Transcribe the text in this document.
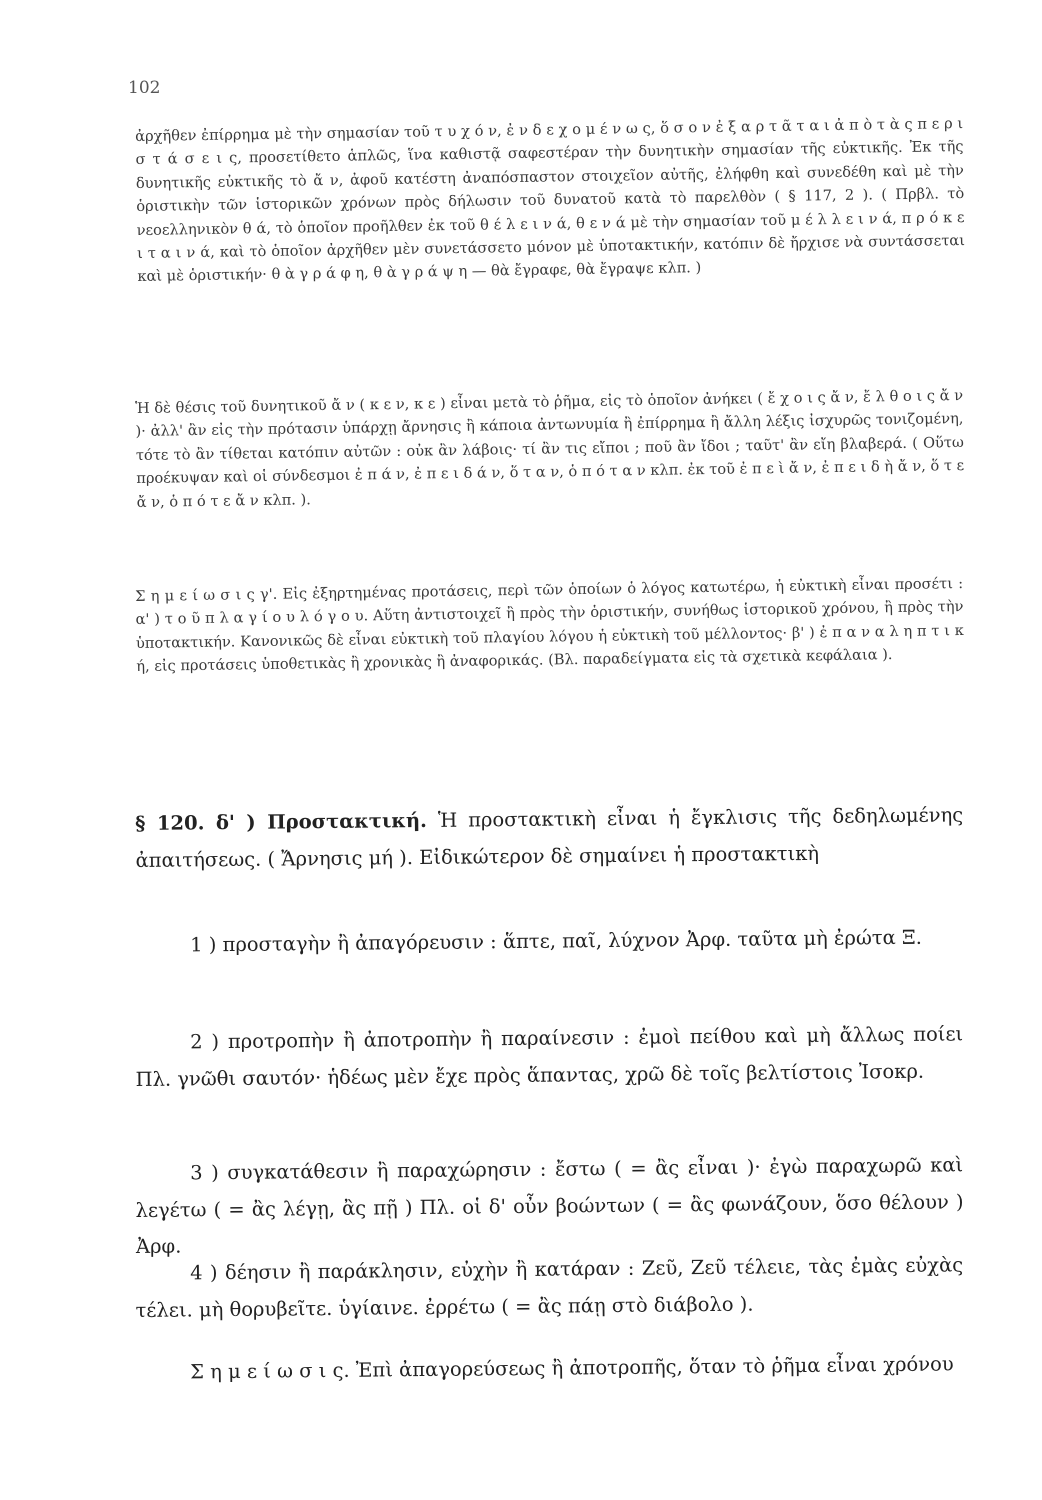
102

ἀρχῆθεν ἐπίρρημα μὲ τὴν σημασίαν τοῦ τ υ χ ό ν, ἐ ν δ ε χ ο μ έ ν ω ς, ὅ σ ο ν ἐ ξ α ρ τ ᾶ τ α ι ἀ π ὸ τ ὰ ς π ε ρ ι σ τ ά σ ε ι ς, προσετίθετο ἁπλῶς, ἵνα καθιστᾷ σαφεστέραν τὴν δυνητικὴν σημασίαν τῆς εὐκτικῆς. Ἐκ τῆς δυνητικῆς εὐκτικῆς τὸ ἄ ν, ἀφοῦ κατέστη ἀναπόσπαστον στοιχεῖον αὐτῆς, ἐλήφθη καὶ συνεδέθη καὶ μὲ τὴν ὁριστικὴν τῶν ἱστορικῶν χρόνων πρὸς δήλωσιν τοῦ δυνατοῦ κατὰ τὸ παρελθὸν ( § 117, 2 ). ( Πρβλ. τὸ νεοελληνικὸν θ ά, τὸ ὁποῖον προῆλθεν ἐκ τοῦ θ έ λ ε ι ν ά, θ ε ν ά μὲ τὴν σημασίαν τοῦ μ έ λ λ ε ι ν ά, π ρ ό κ ε ι τ α ι ν ά, καὶ τὸ ὁποῖον ἀρχῆθεν μὲν συνετάσσετο μόνον μὲ ὑποτακτικήν, κατόπιν δὲ ἤρχισε νὰ συντάσσεται καὶ μὲ ὁριστικήν· θ ὰ γ ρ ά φ η, θ ὰ γ ρ ά ψ η — θὰ ἔγραφε, θὰ ἔγραψε κλπ. )

Ἡ δὲ θέσις τοῦ δυνητικοῦ ἄ ν ( κ ε ν, κ ε ) εἶναι μετὰ τὸ ῥῆμα, εἰς τὸ ὁποῖον ἀνήκει ( ἔ χ ο ι ς ἄ ν, ἔ λ θ ο ι ς ἄ ν )· ἀλλ' ἂν εἰς τὴν πρότασιν ὑπάρχῃ ἄρνησις ἢ κάποια ἀντωνυμία ἢ ἐπίρρημα ἢ ἄλλη λέξις ἰσχυρῶς τονιζομένη, τότε τὸ ἂν τίθεται κατόπιν αὐτῶν : οὐκ ἂν λάβοις· τί ἂν τις εἴποι ; ποῦ ἂν ἴδοι ; ταῦτ' ἂν εἴη βλαβερά. ( Οὕτω προέκυψαν καὶ οἱ σύνδεσμοι ἐ π ά ν, ἐ π ε ι δ ά ν, ὅ τ α ν, ὁ π ό τ α ν κλπ. ἐκ τοῦ ἐ π ε ὶ ἄ ν, ἐ π ε ι δ ὴ ἄ ν, ὅ τ ε ἄ ν, ὁ π ό τ ε ἄ ν κλπ. ).

Σ η μ ε ί ω σ ι ς γ'. Εἰς ἐξηρτημένας προτάσεις, περὶ τῶν ὁποίων ὁ λόγος κατωτέρω, ἡ εὐκτικὴ εἶναι προσέτι : α' ) τ ο ῦ π λ α γ ί ο υ λ ό γ ο υ. Αὕτη ἀντιστοιχεῖ ἢ πρὸς τὴν ὁριστικήν, συνήθως ἱστορικοῦ χρόνου, ἢ πρὸς τὴν ὑποτακτικήν. Κανονικῶς δὲ εἶναι εὐκτικὴ τοῦ πλαγίου λόγου ἡ εὐκτικὴ τοῦ μέλλοντος· β' ) ἐ π α ν α λ η π τ ι κ ή, εἰς προτάσεις ὑποθετικὰς ἢ χρονικὰς ἢ ἀναφορικάς. (Βλ. παραδείγματα εἰς τὰ σχετικὰ κεφάλαια ).

§ 120. δ' ) Προστακτική. Ἡ προστακτικὴ εἶναι ἡ ἔγκλισις τῆς δεδηλωμένης ἀπαιτήσεως. ( Ἄρνησις μή ). Εἰδικώτερον δὲ σημαίνει ἡ προστακτικὴ

1 ) προσταγὴν ἢ ἀπαγόρευσιν : ἅπτε, παῖ, λύχνον Ἀρφ. ταῦτα μὴ ἐρώτα Ξ.

2 ) προτροπὴν ἢ ἀποτροπὴν ἢ παραίνεσιν : ἐμοὶ πείθου καὶ μὴ ἄλλως ποίει Πλ. γνῶθι σαυτόν· ἡδέως μὲν ἔχε πρὸς ἅπαντας, χρῶ δὲ τοῖς βελτίστοις Ἰσοκρ.

3 ) συγκατάθεσιν ἢ παραχώρησιν : ἔστω ( = ἂς εἶναι )· ἐγὼ παραχωρῶ καὶ λεγέτω ( = ἂς λέγῃ, ἂς πῇ ) Πλ. οἱ δ' οὖν βοώντων ( = ἂς φωνάζουν, ὅσο θέλουν ) Ἀρφ.

4 ) δέησιν ἢ παράκλησιν, εὐχὴν ἢ κατάραν : Ζεῦ, Ζεῦ τέλειε, τὰς ἐμὰς εὐχὰς τέλει. μὴ θορυβεῖτε. ὑγίαινε. ἐρρέτω ( = ἂς πάῃ στὸ διάβολο ).

Σ η μ ε ί ω σ ι ς. Ἐπὶ ἀπαγορεύσεως ἢ ἀποτροπῆς, ὅταν τὸ ῥῆμα εἶναι χρόνου
